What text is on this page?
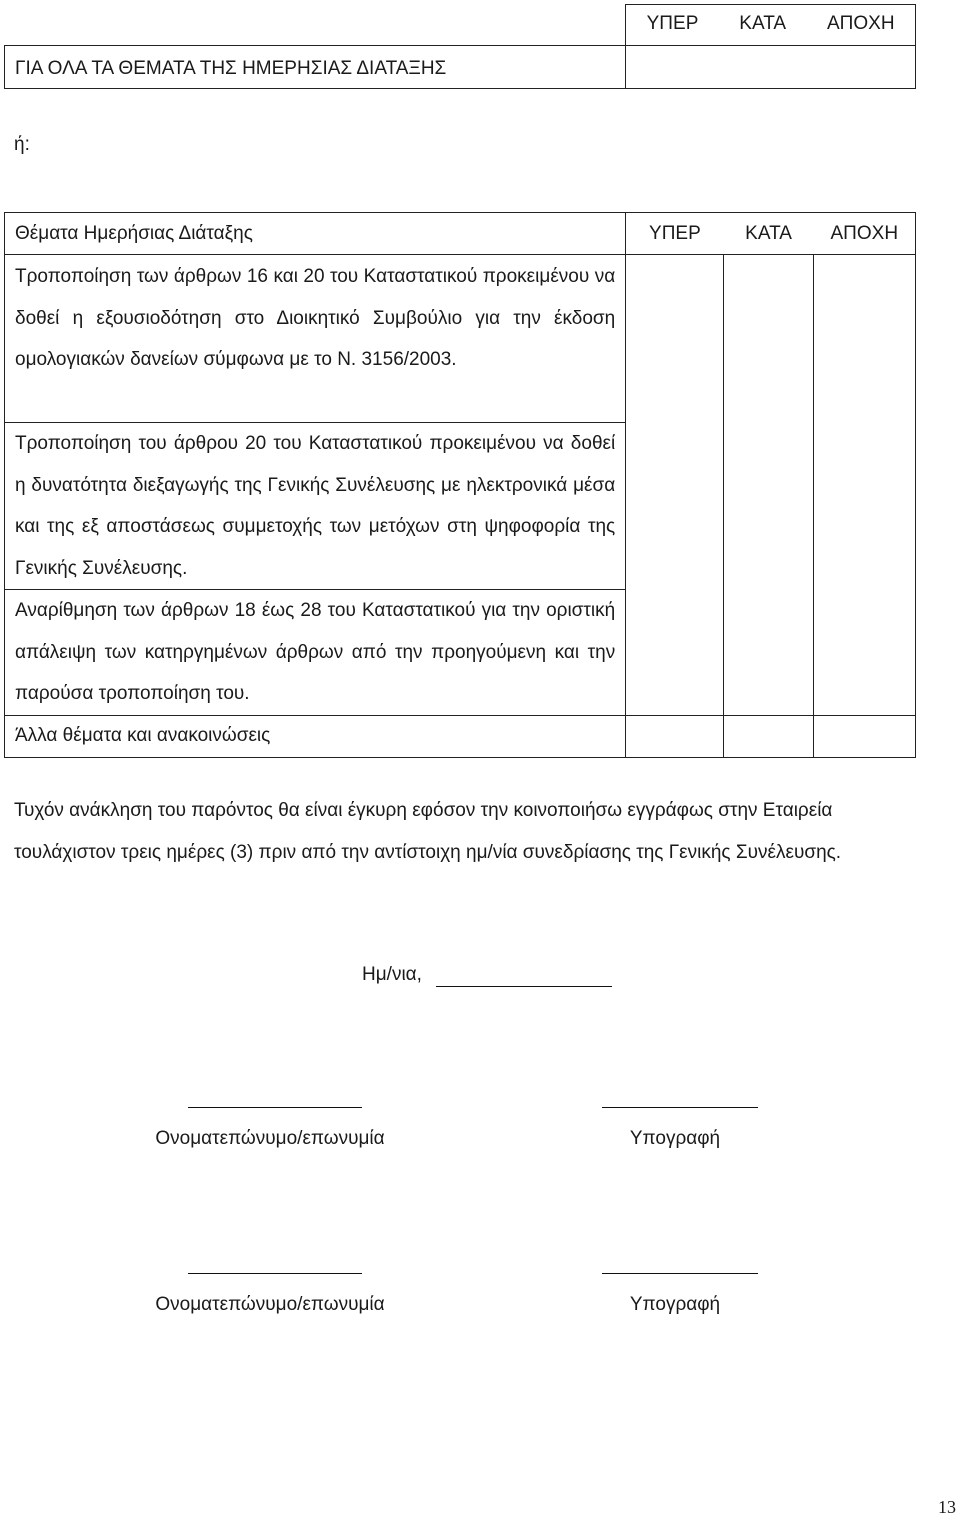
	ΥΠΕΡ ΚΑΤΑ ΑΠΟΧΗ

ΓΙΑ ΟΛΑ ΤΑ ΘΕΜΑΤΑ ΤΗΣ ΗΜΕΡΗΣΙΑΣ ΔΙΑΤΑΞΗΣ	

ή:
Θέματα Ημερήσιας Διάταξης	ΥΠΕΡ	ΚΑΤΑ	ΑΠΟΧΗ

Τροποποίηση των άρθρων 16 και 20 του Καταστατικού προκειμένου να δοθεί η εξουσιοδότηση στο Διοικητικό Συμβούλιο για την έκδοση ομολογιακών δανείων σύμφωνα με το Ν. 3156/2003.			

Τροποποίηση του άρθρου 20 του Καταστατικού προκειμένου να δοθεί η δυνατότητα διεξαγωγής της Γενικής Συνέλευσης με ηλεκτρονικά μέσα και της εξ αποστάσεως συμμετοχής των μετόχων στη ψηφοφορία της Γενικής Συνέλευσης.			

Αναρίθμηση των άρθρων 18 έως 28 του Καταστατικού για την οριστική απάλειψη των κατηργημένων άρθρων από την προηγούμενη και την παρούσα τροποποίηση του.			

Άλλα θέματα και ανακοινώσεις			

Τυχόν ανάκληση του παρόντος θα είναι έγκυρη εφόσον την κοινοποιήσω εγγράφως στην Εταιρεία τουλάχιστον τρεις ημέρες (3) πριν από την αντίστοιχη ημ/νία συνεδρίασης της Γενικής Συνέλευσης.
Ημ/νια,
Ονοματεπώνυμο/επωνυμία	Υπογραφή
Ονοματεπώνυμο/επωνυμία	Υπογραφή
13
